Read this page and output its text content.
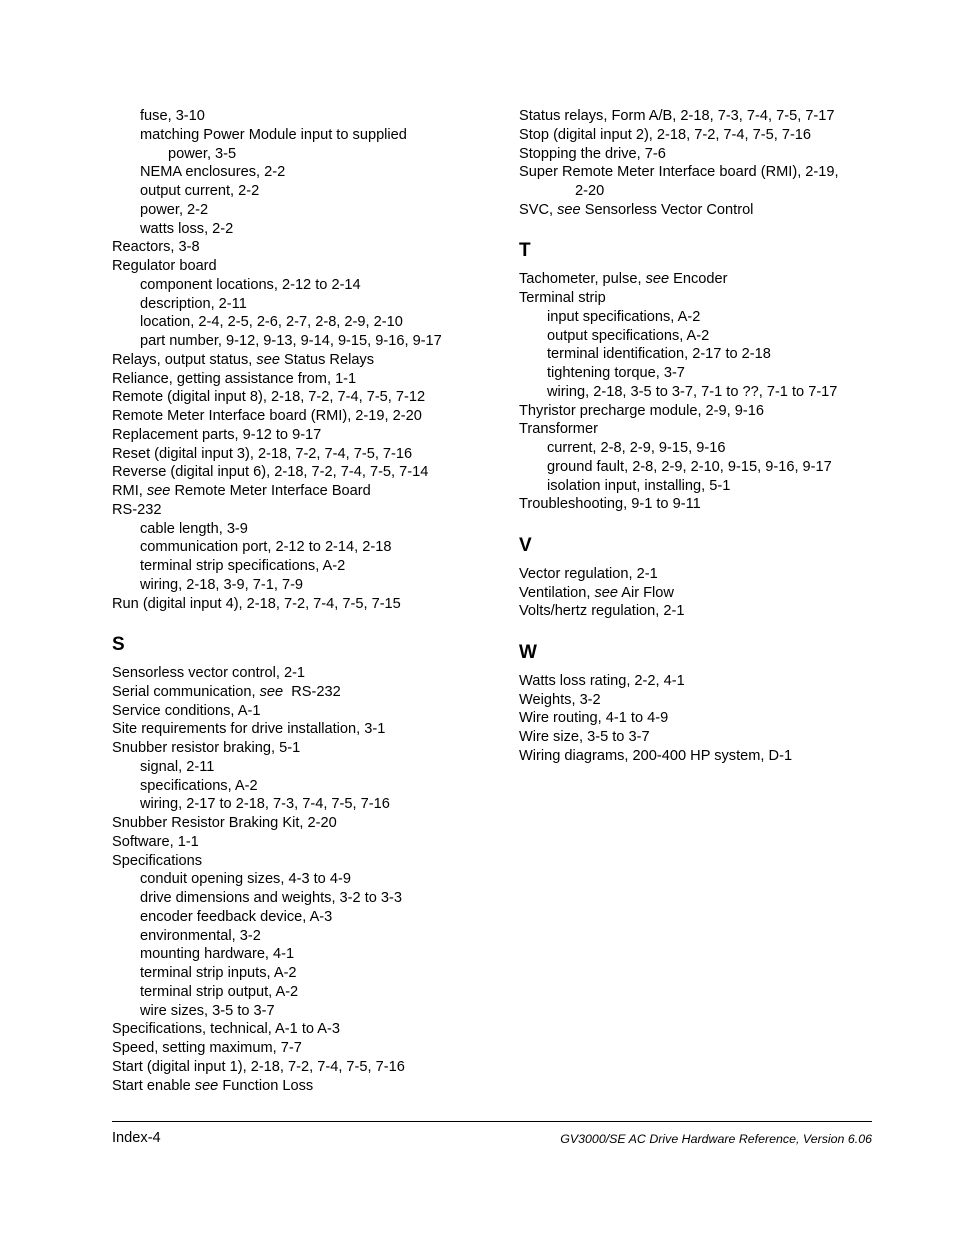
fuse, 3-10
matching Power Module input to supplied
power, 3-5
NEMA enclosures, 2-2
output current, 2-2
power, 2-2
watts loss, 2-2
Reactors, 3-8
Regulator board
component locations, 2-12 to 2-14
description, 2-11
location, 2-4, 2-5, 2-6, 2-7, 2-8, 2-9, 2-10
part number, 9-12, 9-13, 9-14, 9-15, 9-16, 9-17
Relays, output status, see Status Relays
Reliance, getting assistance from, 1-1
Remote (digital input 8), 2-18, 7-2, 7-4, 7-5, 7-12
Remote Meter Interface board (RMI), 2-19, 2-20
Replacement parts, 9-12 to 9-17
Reset (digital input 3), 2-18, 7-2, 7-4, 7-5, 7-16
Reverse (digital input 6), 2-18, 7-2, 7-4, 7-5, 7-14
RMI, see Remote Meter Interface Board
RS-232
cable length, 3-9
communication port, 2-12 to 2-14, 2-18
terminal strip specifications, A-2
wiring, 2-18, 3-9, 7-1, 7-9
Run (digital input 4), 2-18, 7-2, 7-4, 7-5, 7-15
S
Sensorless vector control, 2-1
Serial communication, see  RS-232
Service conditions, A-1
Site requirements for drive installation, 3-1
Snubber resistor braking, 5-1
signal, 2-11
specifications, A-2
wiring, 2-17 to 2-18, 7-3, 7-4, 7-5, 7-16
Snubber Resistor Braking Kit, 2-20
Software, 1-1
Specifications
conduit opening sizes, 4-3 to 4-9
drive dimensions and weights, 3-2 to 3-3
encoder feedback device, A-3
environmental, 3-2
mounting hardware, 4-1
terminal strip inputs, A-2
terminal strip output, A-2
wire sizes, 3-5 to 3-7
Specifications, technical, A-1 to A-3
Speed, setting maximum, 7-7
Start (digital input 1), 2-18, 7-2, 7-4, 7-5, 7-16
Start enable see Function Loss
Status relays, Form A/B, 2-18, 7-3, 7-4, 7-5, 7-17
Stop (digital input 2), 2-18, 7-2, 7-4, 7-5, 7-16
Stopping the drive, 7-6
Super Remote Meter Interface board (RMI), 2-19,
2-20
SVC, see Sensorless Vector Control
T
Tachometer, pulse, see Encoder
Terminal strip
input specifications, A-2
output specifications, A-2
terminal identification, 2-17 to 2-18
tightening torque, 3-7
wiring, 2-18, 3-5 to 3-7, 7-1 to ??, 7-1 to 7-17
Thyristor precharge module, 2-9, 9-16
Transformer
current, 2-8, 2-9, 9-15, 9-16
ground fault, 2-8, 2-9, 2-10, 9-15, 9-16, 9-17
isolation input, installing, 5-1
Troubleshooting, 9-1 to 9-11
V
Vector regulation, 2-1
Ventilation, see Air Flow
Volts/hertz regulation, 2-1
W
Watts loss rating, 2-2, 4-1
Weights, 3-2
Wire routing, 4-1 to 4-9
Wire size, 3-5 to 3-7
Wiring diagrams, 200-400 HP system, D-1
Index-4	GV3000/SE AC Drive Hardware Reference, Version 6.06
